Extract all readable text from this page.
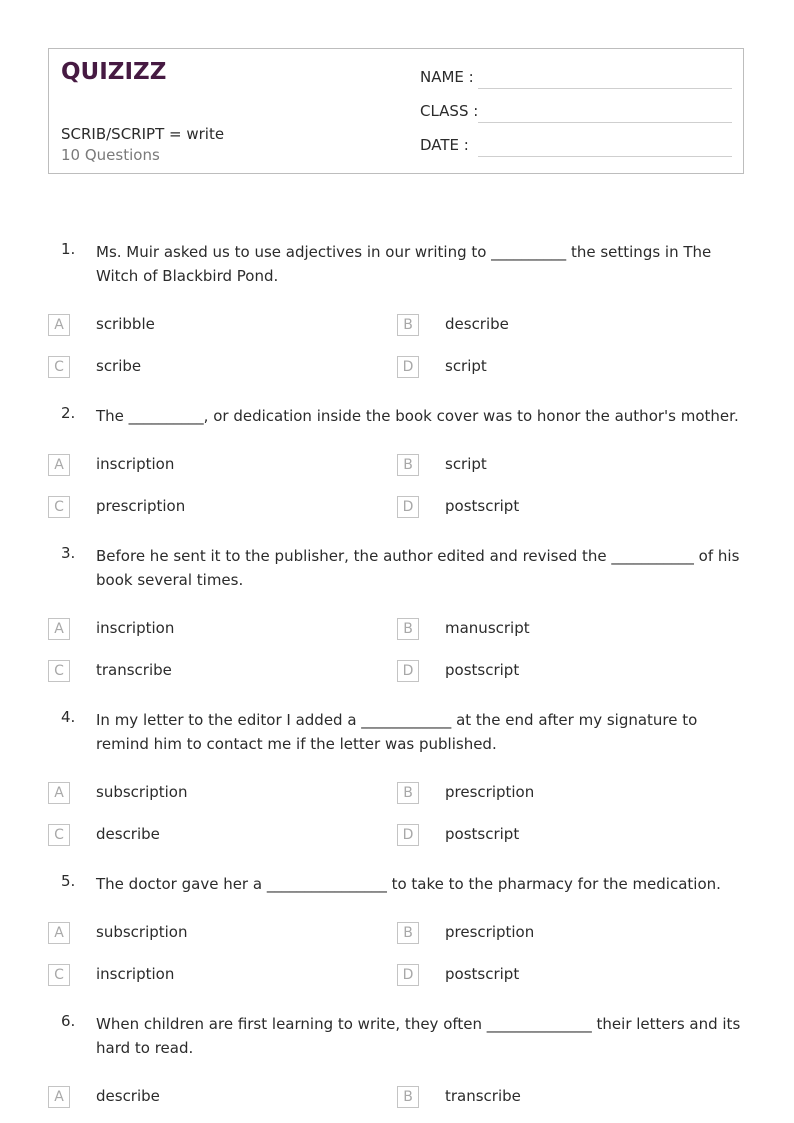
QUIZIZZ
SCRIB/SCRIPT = write
10 Questions
NAME :
CLASS :
DATE :
1. Ms. Muir asked us to use adjectives in our writing to __________ the settings in The Witch of Blackbird Pond.
A	scribble	B	describe
C	scribe	D	script
2. The __________, or dedication inside the book cover was to honor the author's mother.
A	inscription	B	script
C	prescription	D	postscript
3. Before he sent it to the publisher, the author edited and revised the ___________ of his book several times.
A	inscription	B	manuscript
C	transcribe	D	postscript
4. In my letter to the editor I added a ____________ at the end after my signature to remind him to contact me if the letter was published.
A	subscription	B	prescription
C	describe	D	postscript
5. The doctor gave her a ________________ to take to the pharmacy for the medication.
A	subscription	B	prescription
C	inscription	D	postscript
6. When children are first learning to write, they often ______________ their letters and its hard to read.
A	describe	B	transcribe
